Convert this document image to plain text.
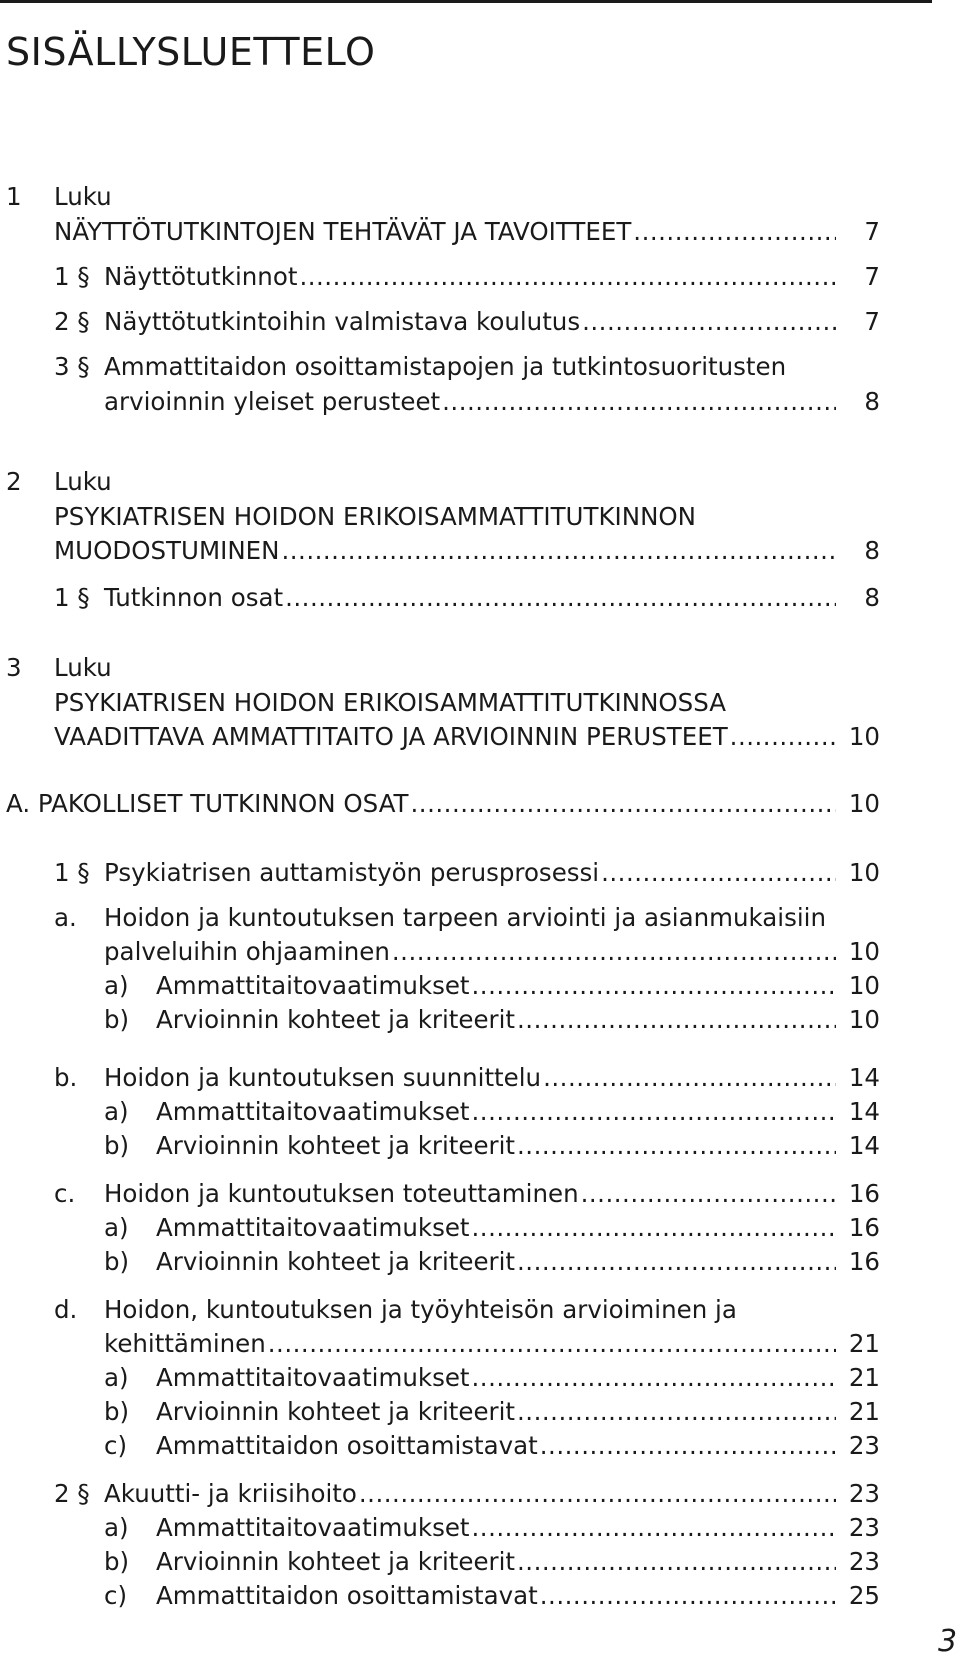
SISÄLLYSLUETTELO
1 Luku
NÄYTTÖTUTKINTOJEN TEHTÄVÄT JA TAVOITTEET .....	7
1 § Näyttötutkinnot .....	7
2 § Näyttötutkintoihin valmistava koulutus .....	7
3 § Ammattitaidon osoittamistapojen ja tutkintosuoritusten
arvioinnin yleiset perusteet .....	8
2 Luku
PSYKIATRISEN HOIDON ERIKOISAMMATTITUTKINNON
MUODOSTUMINEN .....	8
1 § Tutkinnon osat .....	8
3 Luku
PSYKIATRISEN HOIDON ERIKOISAMMATTITUTKINNOSSA
VAADITTAVA AMMATTITAITO JA ARVIOINNIN PERUSTEET .....	10
A. PAKOLLISET TUTKINNON OSAT .....	10
1 § Psykiatrisen auttamistyön perusprosessi .....	10
a. Hoidon ja kuntoutuksen tarpeen arviointi ja asianmukaisiin
palveluihin ohjaaminen .....	10
a) Ammattitaitovaatimukset .....	10
b) Arvioinnin kohteet ja kriteerit .....	10
b. Hoidon ja kuntoutuksen suunnittelu .....	14
a) Ammattitaitovaatimukset .....	14
b) Arvioinnin kohteet ja kriteerit .....	14
c. Hoidon ja kuntoutuksen toteuttaminen .....	16
a) Ammattitaitovaatimukset .....	16
b) Arvioinnin kohteet ja kriteerit .....	16
d. Hoidon, kuntoutuksen ja työyhteisön arvioiminen ja
kehittäminen .....	21
a) Ammattitaitovaatimukset .....	21
b) Arvioinnin kohteet ja kriteerit .....	21
c) Ammattitaidon osoittamistavat .....	23
2 § Akuutti- ja kriisihoito .....	23
a) Ammattitaitovaatimukset .....	23
b) Arvioinnin kohteet ja kriteerit .....	23
c) Ammattitaidon osoittamistavat .....	25
3
